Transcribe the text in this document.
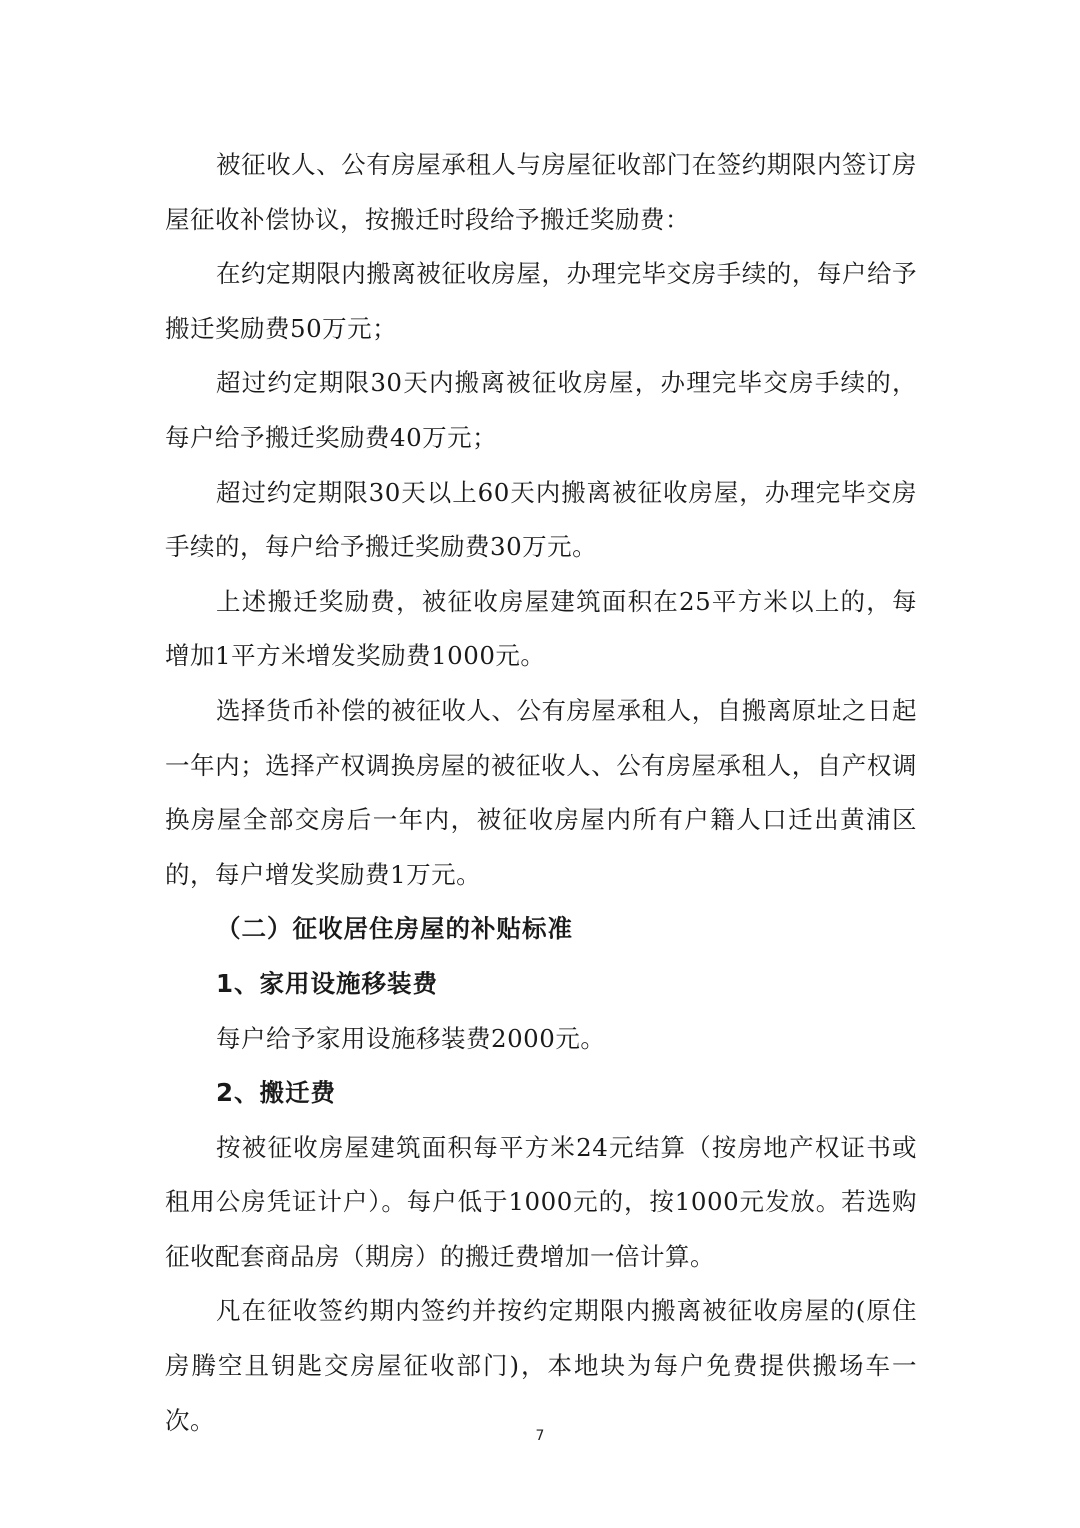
被征收人、公有房屋承租人与房屋征收部门在签约期限内签订房屋征收补偿协议，按搬迁时段给予搬迁奖励费：

在约定期限内搬离被征收房屋，办理完毕交房手续的，每户给予搬迁奖励费50万元；

超过约定期限30天内搬离被征收房屋，办理完毕交房手续的，每户给予搬迁奖励费40万元；

超过约定期限30天以上60天内搬离被征收房屋，办理完毕交房手续的，每户给予搬迁奖励费30万元。

上述搬迁奖励费，被征收房屋建筑面积在25平方米以上的，每增加1平方米增发奖励费1000元。

选择货币补偿的被征收人、公有房屋承租人，自搬离原址之日起一年内；选择产权调换房屋的被征收人、公有房屋承租人，自产权调换房屋全部交房后一年内，被征收房屋内所有户籍人口迁出黄浦区的，每户增发奖励费1万元。

（二）征收居住房屋的补贴标准

1、家用设施移装费

每户给予家用设施移装费2000元。

2、搬迁费

按被征收房屋建筑面积每平方米24元结算（按房地产权证书或租用公房凭证计户）。每户低于1000元的，按1000元发放。若选购征收配套商品房（期房）的搬迁费增加一倍计算。

凡在征收签约期内签约并按约定期限内搬离被征收房屋的(原住房腾空且钥匙交房屋征收部门)，本地块为每户免费提供搬场车一次。

7
